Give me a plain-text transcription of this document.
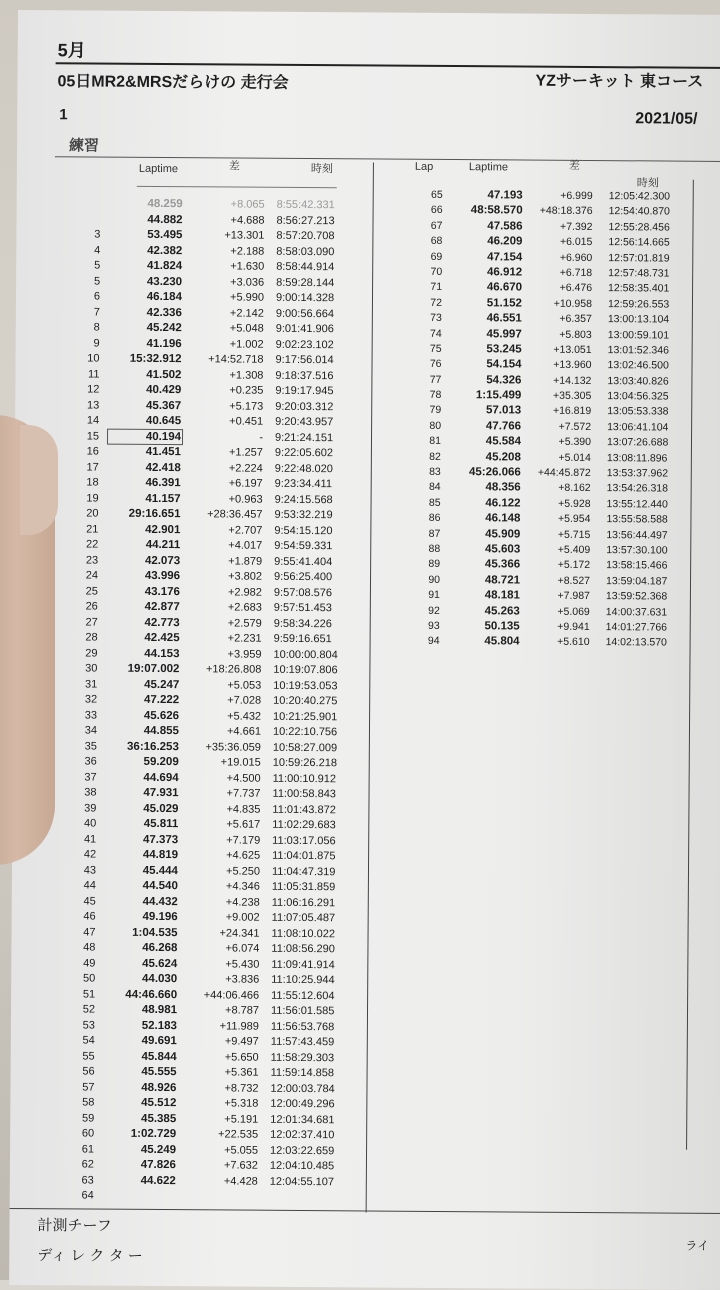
5月
05日MR2&MRSだらけの 走行会	YZサーキット 東コース
1	2021/05/
練習
Laptime	差	時刻	Lap	Laptime	差
時刻
48.259	+8.065 8:55:42.331
44.882	+4.688 8:56:27.213
3	53.495	+13.301 8:57:20.708
4	42.382	+2.188 8:58:03.090
5	41.824	+1.630 8:58:44.914
5	43.230	+3.036 8:59:28.144
6	46.184	+5.990 9:00:14.328
7	42.336	+2.142 9:00:56.664
8	45.242	+5.048 9:01:41.906
9	41.196	+1.002 9:02:23.102
10	15:32.912	+14:52.718 9:17:56.014
11	41.502	+1.308 9:18:37.516
12	40.429	+0.235 9:19:17.945
13	45.367	+5.173 9:20:03.312
14	40.645	+0.451 9:20:43.957
15	40.194	- 9:21:24.151
16	41.451	+1.257 9:22:05.602
17	42.418	+2.224 9:22:48.020
18	46.391	+6.197 9:23:34.411
19	41.157	+0.963 9:24:15.568
20	29:16.651	+28:36.457 9:53:32.219
21	42.901	+2.707 9:54:15.120
22	44.211	+4.017 9:54:59.331
23	42.073	+1.879 9:55:41.404
24	43.996	+3.802 9:56:25.400
25	43.176	+2.982 9:57:08.576
26	42.877	+2.683 9:57:51.453
27	42.773	+2.579 9:58:34.226
28	42.425	+2.231 9:59:16.651
29	44.153	+3.959 10:00:00.804
30	19:07.002	+18:26.808 10:19:07.806
31	45.247	+5.053 10:19:53.053
32	47.222	+7.028 10:20:40.275
33	45.626	+5.432 10:21:25.901
34	44.855	+4.661 10:22:10.756
35	36:16.253	+35:36.059 10:58:27.009
36	59.209	+19.015 10:59:26.218
37	44.694	+4.500 11:00:10.912
38	47.931	+7.737 11:00:58.843
39	45.029	+4.835 11:01:43.872
40	45.811	+5.617 11:02:29.683
41	47.373	+7.179 11:03:17.056
42	44.819	+4.625 11:04:01.875
43	45.444	+5.250 11:04:47.319
44	44.540	+4.346 11:05:31.859
45	44.432	+4.238 11:06:16.291
46	49.196	+9.002 11:07:05.487
47	1:04.535	+24.341 11:08:10.022
48	46.268	+6.074 11:08:56.290
49	45.624	+5.430 11:09:41.914
50	44.030	+3.836 11:10:25.944
51	44:46.660	+44:06.466 11:55:12.604
52	48.981	+8.787 11:56:01.585
53	52.183	+11.989 11:56:53.768
54	49.691	+9.497 11:57:43.459
55	45.844	+5.650 11:58:29.303
56	45.555	+5.361 11:59:14.858
57	48.926	+8.732 12:00:03.784
58	45.512	+5.318 12:00:49.296
59	45.385	+5.191 12:01:34.681
60	1:02.729	+22.535 12:02:37.410
61	45.249	+5.055 12:03:22.659
62	47.826	+7.632 12:04:10.485
63	44.622	+4.428 12:04:55.107
64
65	47.193	+6.999 12:05:42.300
66	48:58.570	+48:18.376 12:54:40.870
67	47.586	+7.392 12:55:28.456
68	46.209	+6.015 12:56:14.665
69	47.154	+6.960 12:57:01.819
70	46.912	+6.718 12:57:48.731
71	46.670	+6.476 12:58:35.401
72	51.152	+10.958 12:59:26.553
73	46.551	+6.357 13:00:13.104
74	45.997	+5.803 13:00:59.101
75	53.245	+13.051 13:01:52.346
76	54.154	+13.960 13:02:46.500
77	54.326	+14.132 13:03:40.826
78	1:15.499	+35.305 13:04:56.325
79	57.013	+16.819 13:05:53.338
80	47.766	+7.572 13:06:41.104
81	45.584	+5.390 13:07:26.688
82	45.208	+5.014 13:08:11.896
83	45:26.066	+44:45.872 13:53:37.962
84	48.356	+8.162 13:54:26.318
85	46.122	+5.928 13:55:12.440
86	46.148	+5.954 13:55:58.588
87	45.909	+5.715 13:56:44.497
88	45.603	+5.409 13:57:30.100
89	45.366	+5.172 13:58:15.466
90	48.721	+8.527 13:59:04.187
91	48.181	+7.987 13:59:52.368
92	45.263	+5.069 14:00:37.631
93	50.135	+9.941 14:01:27.766
94	45.804	+5.610 14:02:13.570
計測チーフ
ディ レ ク タ ー
ライ
